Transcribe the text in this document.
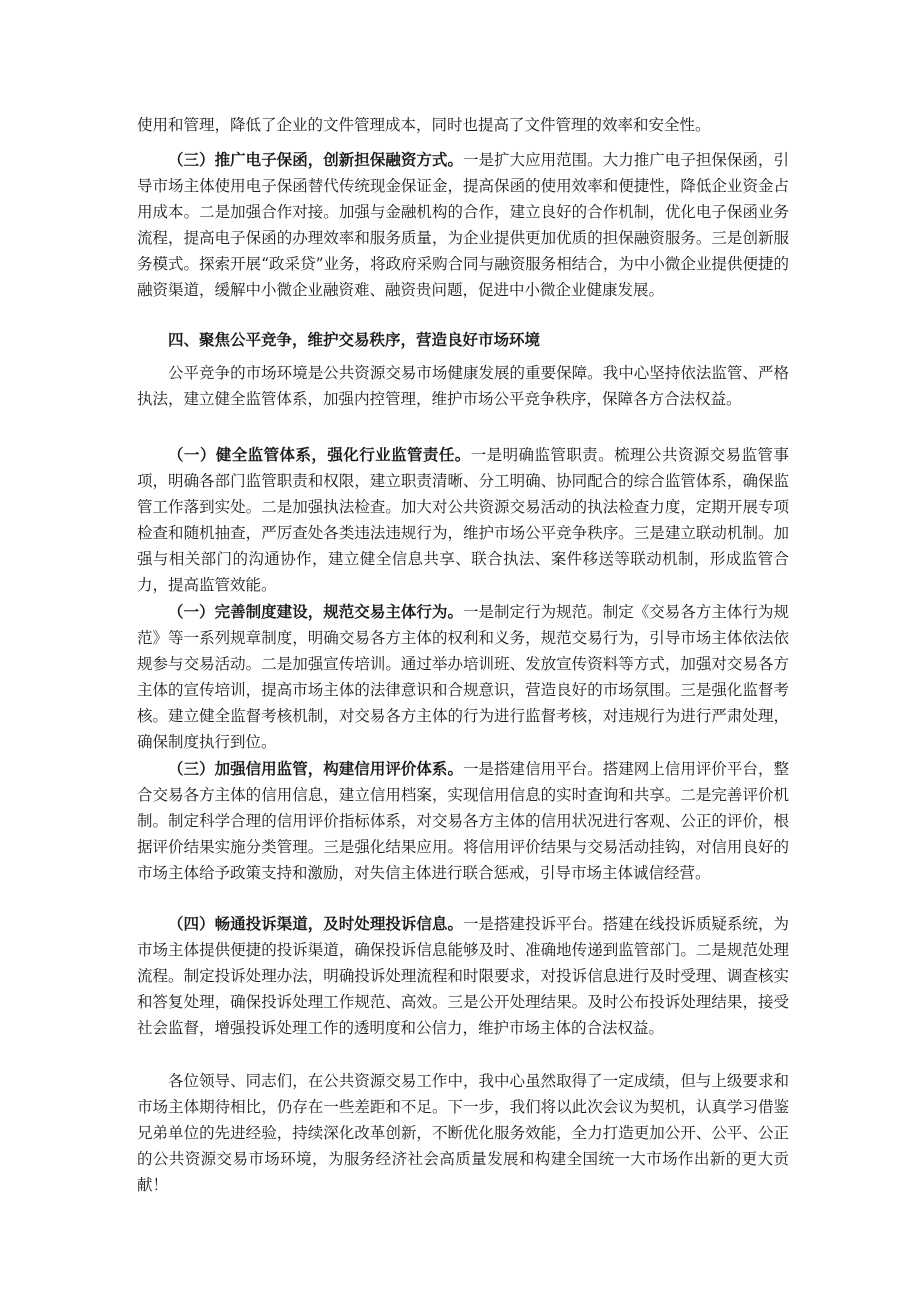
使用和管理，降低了企业的文件管理成本，同时也提高了文件管理的效率和安全性。

（三）推广电子保函，创新担保融资方式。一是扩大应用范围。大力推广电子担保保函，引导市场主体使用电子保函替代传统现金保证金，提高保函的使用效率和便捷性，降低企业资金占用成本。二是加强合作对接。加强与金融机构的合作，建立良好的合作机制，优化电子保函业务流程，提高电子保函的办理效率和服务质量，为企业提供更加优质的担保融资服务。三是创新服务模式。探索开展“政采贷”业务，将政府采购合同与融资服务相结合，为中小微企业提供便捷的融资渠道，缓解中小微企业融资难、融资贵问题，促进中小微企业健康发展。

四、聚焦公平竞争，维护交易秩序，营造良好市场环境

公平竞争的市场环境是公共资源交易市场健康发展的重要保障。我中心坚持依法监管、严格执法，建立健全监管体系，加强内控管理，维护市场公平竞争秩序，保障各方合法权益。

（一）健全监管体系，强化行业监管责任。一是明确监管职责。梳理公共资源交易监管事项，明确各部门监管职责和权限，建立职责清晰、分工明确、协同配合的综合监管体系，确保监管工作落到实处。二是加强执法检查。加大对公共资源交易活动的执法检查力度，定期开展专项检查和随机抽查，严厉查处各类违法违规行为，维护市场公平竞争秩序。三是建立联动机制。加强与相关部门的沟通协作，建立健全信息共享、联合执法、案件移送等联动机制，形成监管合力，提高监管效能。

（一）完善制度建设，规范交易主体行为。一是制定行为规范。制定《交易各方主体行为规范》等一系列规章制度，明确交易各方主体的权利和义务，规范交易行为，引导市场主体依法依规参与交易活动。二是加强宣传培训。通过举办培训班、发放宣传资料等方式，加强对交易各方主体的宣传培训，提高市场主体的法律意识和合规意识，营造良好的市场氛围。三是强化监督考核。建立健全监督考核机制，对交易各方主体的行为进行监督考核，对违规行为进行严肃处理，确保制度执行到位。

（三）加强信用监管，构建信用评价体系。一是搭建信用平台。搭建网上信用评价平台，整合交易各方主体的信用信息，建立信用档案，实现信用信息的实时查询和共享。二是完善评价机制。制定科学合理的信用评价指标体系，对交易各方主体的信用状况进行客观、公正的评价，根据评价结果实施分类管理。三是强化结果应用。将信用评价结果与交易活动挂钩，对信用良好的市场主体给予政策支持和激励，对失信主体进行联合惩戒，引导市场主体诚信经营。

（四）畅通投诉渠道，及时处理投诉信息。一是搭建投诉平台。搭建在线投诉质疑系统，为市场主体提供便捷的投诉渠道，确保投诉信息能够及时、准确地传递到监管部门。二是规范处理流程。制定投诉处理办法，明确投诉处理流程和时限要求，对投诉信息进行及时受理、调查核实和答复处理，确保投诉处理工作规范、高效。三是公开处理结果。及时公布投诉处理结果，接受社会监督，增强投诉处理工作的透明度和公信力，维护市场主体的合法权益。

各位领导、同志们，在公共资源交易工作中，我中心虽然取得了一定成绩，但与上级要求和市场主体期待相比，仍存在一些差距和不足。下一步，我们将以此次会议为契机，认真学习借鉴兄弟单位的先进经验，持续深化改革创新，不断优化服务效能，全力打造更加公开、公平、公正的公共资源交易市场环境，为服务经济社会高质量发展和构建全国统一大市场作出新的更大贡献！
